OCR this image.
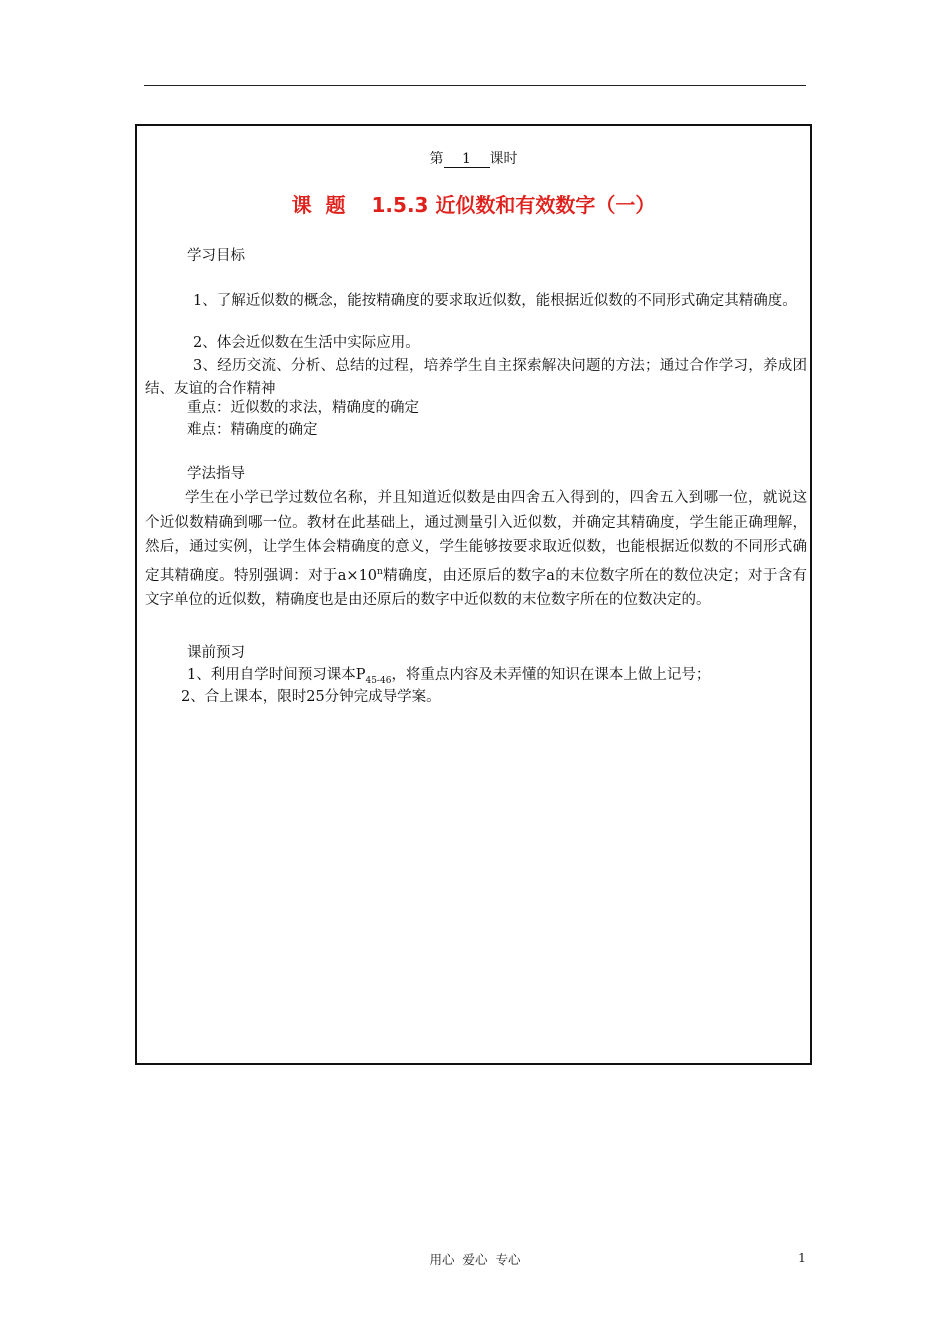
第 1 课时
课  题 1.5.3 近似数和有效数字（一）
学习目标
1、了解近似数的概念，能按精确度的要求取近似数，能根据近似数的不同形式确定其精确度。
2、体会近似数在生活中实际应用。
3、经历交流、分析、总结的过程，培养学生自主探索解决问题的方法；通过合作学习，养成团结、友谊的合作精神
重点：近似数的求法，精确度的确定
难点：精确度的确定
学法指导
学生在小学已学过数位名称，并且知道近似数是由四舍五入得到的，四舍五入到哪一位，就说这个近似数精确到哪一位。教材在此基础上，通过测量引入近似数，并确定其精确度，学生能正确理解，然后，通过实例，让学生体会精确度的意义，学生能够按要求取近似数，也能根据近似数的不同形式确定其精确度。特别强调：对于$a\times 10^n$精确度，由还原后的数字a的末位数字所在的数位决定；对于含有文字单位的近似数，精确度也是由还原后的数字中近似数的末位数字所在的位数决定的。
课前预习
1、利用自学时间预习课本$P_{45-46}$，将重点内容及未弄懂的知识在课本上做上记号；
2、合上课本，限时25分钟完成导学案。
用心  爱心  专心	1
